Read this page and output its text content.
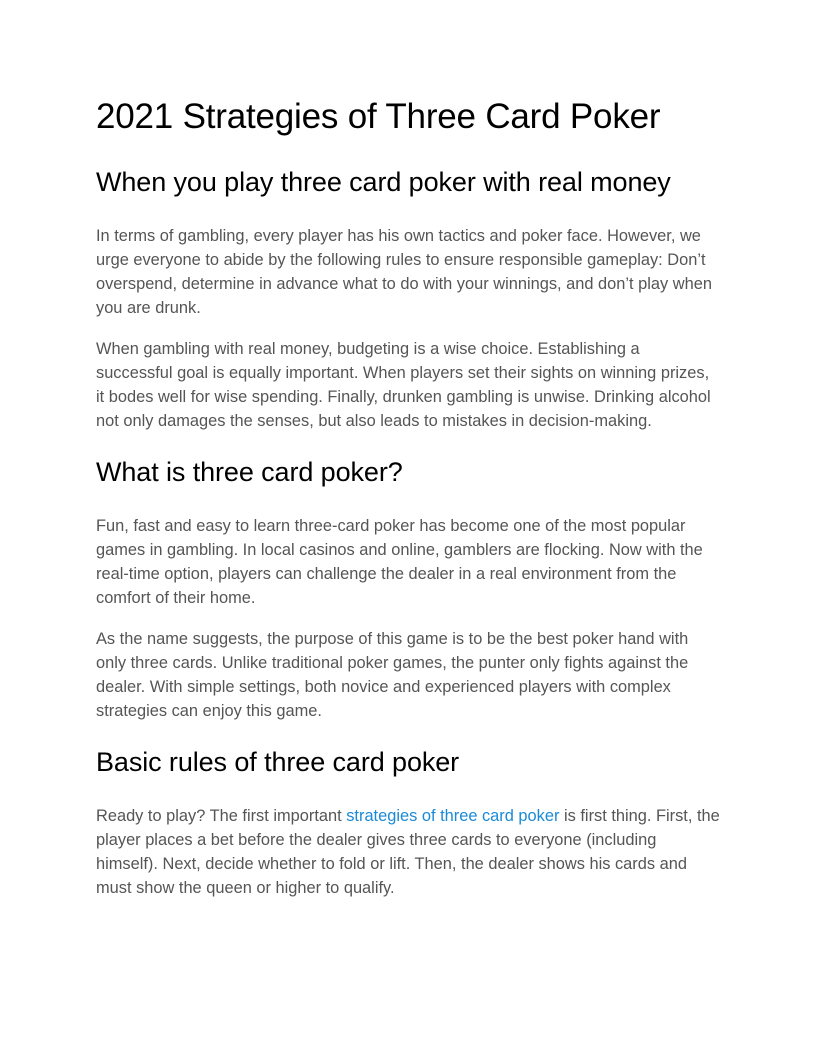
2021 Strategies of Three Card Poker
When you play three card poker with real money

In terms of gambling, every player has his own tactics and poker face. However, we urge everyone to abide by the following rules to ensure responsible gameplay: Don’t overspend, determine in advance what to do with your winnings, and don’t play when you are drunk.

When gambling with real money, budgeting is a wise choice. Establishing a successful goal is equally important. When players set their sights on winning prizes, it bodes well for wise spending. Finally, drunken gambling is unwise. Drinking alcohol not only damages the senses, but also leads to mistakes in decision-making.

What is three card poker?

Fun, fast and easy to learn three-card poker has become one of the most popular games in gambling. In local casinos and online, gamblers are flocking. Now with the real-time option, players can challenge the dealer in a real environment from the comfort of their home.

As the name suggests, the purpose of this game is to be the best poker hand with only three cards. Unlike traditional poker games, the punter only fights against the dealer. With simple settings, both novice and experienced players with complex strategies can enjoy this game.

Basic rules of three card poker

Ready to play? The first important strategies of three card poker is first thing. First, the player places a bet before the dealer gives three cards to everyone (including himself). Next, decide whether to fold or lift. Then, the dealer shows his cards and must show the queen or higher to qualify.
